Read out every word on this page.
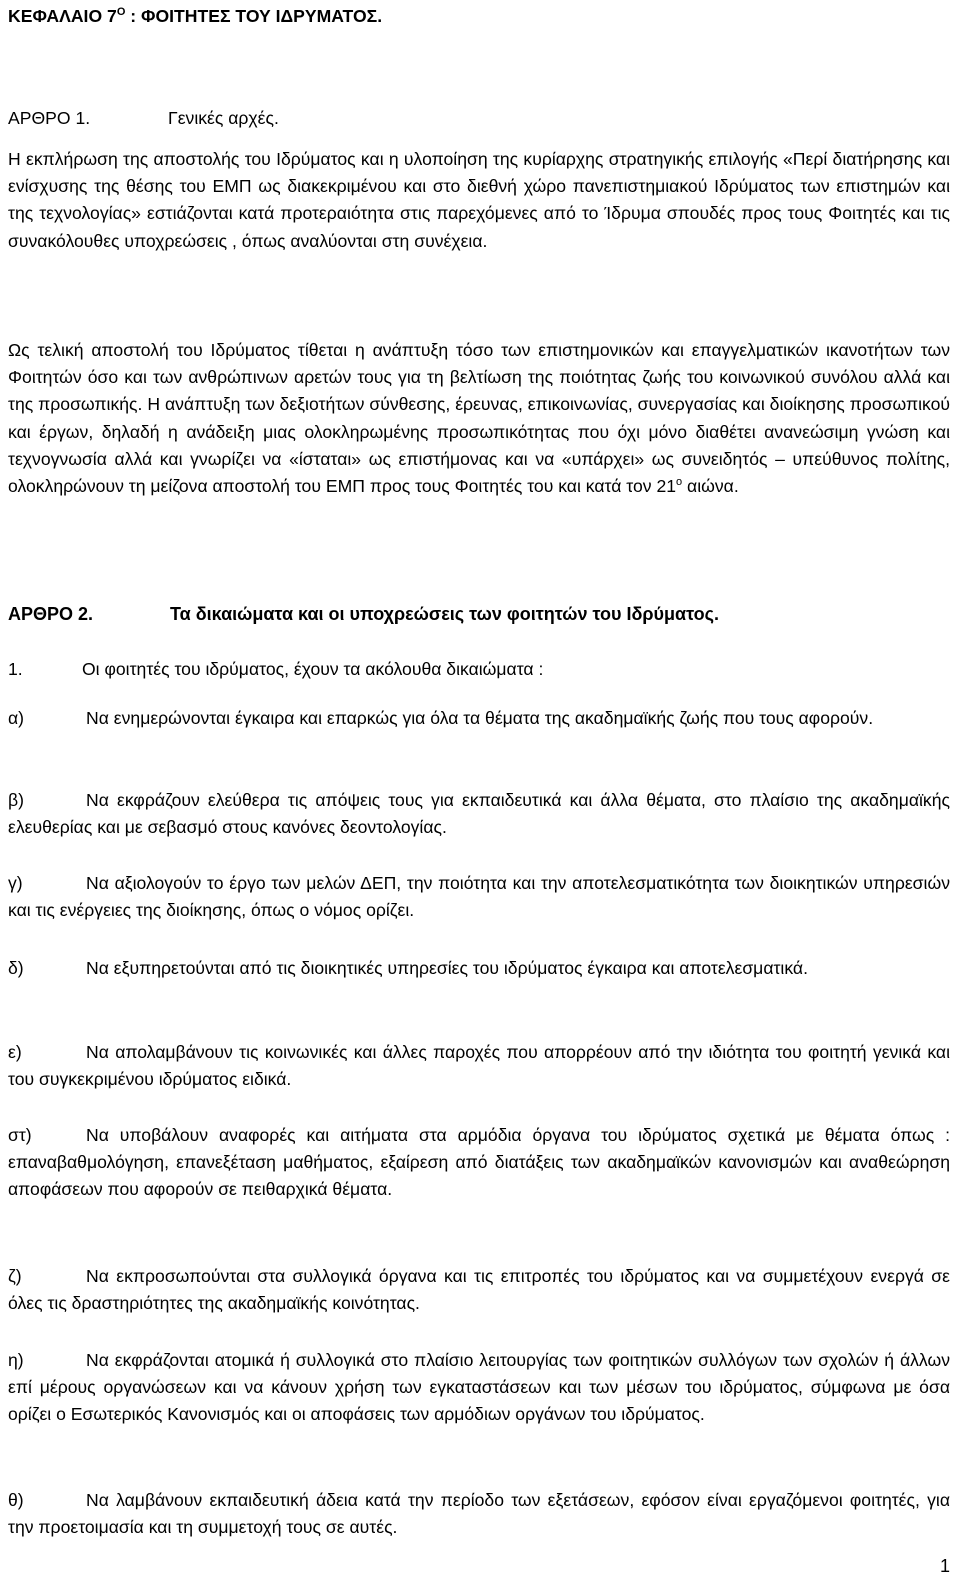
ΚΕΦΑΛΑΙΟ $7^O$ : ΦΟΙΤΗΤΕΣ ΤΟΥ ΙΔΡΥΜΑΤΟΣ.

ΑΡΘΡΟ 1.	Γενικές αρχές.

Η εκπλήρωση της αποστολής του Ιδρύματος και η υλοποίηση της κυρίαρχης στρατηγικής επιλογής «Περί διατήρησης και ενίσχυσης της θέσης του ΕΜΠ ως διακεκριμένου και στο διεθνή χώρο πανεπιστημιακού Ιδρύματος των επιστημών και της τεχνολογίας» εστιάζονται κατά προτεραιότητα στις παρεχόμενες από το Ίδρυμα σπουδές προς τους Φοιτητές και τις συνακόλουθες υποχρεώσεις , όπως αναλύονται στη συνέχεια.

Ως τελική αποστολή του Ιδρύματος τίθεται η ανάπτυξη τόσο των επιστημονικών και επαγγελματικών ικανοτήτων των Φοιτητών όσο και των ανθρώπινων αρετών τους για τη βελτίωση της ποιότητας ζωής του κοινωνικού συνόλου αλλά και της προσωπικής. Η ανάπτυξη των δεξιοτήτων σύνθεσης, έρευνας, επικοινωνίας, συνεργασίας και διοίκησης προσωπικού και έργων, δηλαδή η ανάδειξη μιας ολοκληρωμένης προσωπικότητας που όχι μόνο διαθέτει ανανεώσιμη γνώση και τεχνογνωσία αλλά και γνωρίζει να «ίσταται» ως επιστήμονας και να «υπάρχει» ως συνειδητός – υπεύθυνος πολίτης, ολοκληρώνουν τη μείζονα αποστολή του ΕΜΠ προς τους Φοιτητές του και κατά τον $21^o$ αιώνα.

ΑΡΘΡΟ 2.	Τα δικαιώματα και οι υποχρεώσεις των φοιτητών του Ιδρύματος.

1.	Οι φοιτητές του ιδρύματος, έχουν τα ακόλουθα δικαιώματα :

α)	Να ενημερώνονται έγκαιρα και επαρκώς για όλα τα θέματα της ακαδημαϊκής ζωής που τους αφορούν.

β)	Να εκφράζουν ελεύθερα τις απόψεις τους για εκπαιδευτικά και άλλα θέματα, στο πλαίσιο της ακαδημαϊκής ελευθερίας και με σεβασμό στους κανόνες δεοντολογίας.

γ)	Να αξιολογούν το έργο των μελών ΔΕΠ, την ποιότητα και την αποτελεσματικότητα των διοικητικών υπηρεσιών και τις ενέργειες της διοίκησης, όπως ο νόμος ορίζει.

δ)	Να εξυπηρετούνται από τις διοικητικές υπηρεσίες του ιδρύματος έγκαιρα και αποτελεσματικά.

ε)	Να απολαμβάνουν τις κοινωνικές και άλλες παροχές που απορρέουν από την ιδιότητα του φοιτητή γενικά και του συγκεκριμένου ιδρύματος ειδικά.

στ)	Να υποβάλουν αναφορές και αιτήματα στα αρμόδια όργανα του ιδρύματος σχετικά με θέματα όπως : επαναβαθμολόγηση, επανεξέταση μαθήματος, εξαίρεση από διατάξεις των ακαδημαϊκών κανονισμών και αναθεώρηση αποφάσεων που αφορούν σε πειθαρχικά θέματα.

ζ)	Να εκπροσωπούνται στα συλλογικά όργανα και τις επιτροπές του ιδρύματος και να συμμετέχουν ενεργά σε όλες τις δραστηριότητες της ακαδημαϊκής κοινότητας.

η)	Να εκφράζονται ατομικά ή συλλογικά στο πλαίσιο λειτουργίας των φοιτητικών συλλόγων των σχολών ή άλλων επί μέρους οργανώσεων και να κάνουν χρήση των εγκαταστάσεων και των μέσων του ιδρύματος, σύμφωνα με όσα ορίζει ο Εσωτερικός Κανονισμός και οι αποφάσεις των αρμόδιων οργάνων του ιδρύματος.

θ)	Να λαμβάνουν εκπαιδευτική άδεια κατά την περίοδο των εξετάσεων, εφόσον είναι εργαζόμενοι φοιτητές, για την προετοιμασία και τη συμμετοχή τους σε αυτές.

1
